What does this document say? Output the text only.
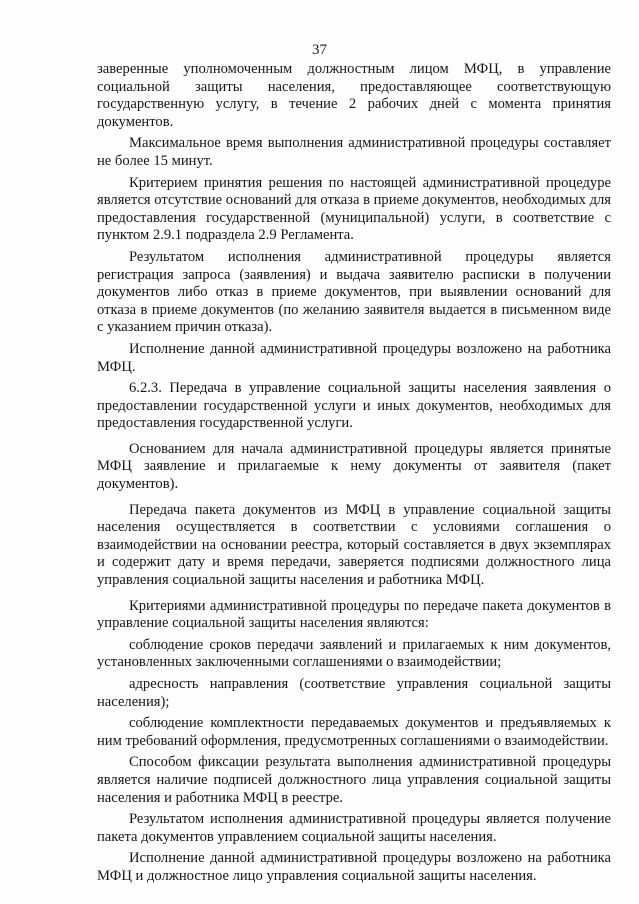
37

заверенные уполномоченным должностным лицом МФЦ, в управление социальной защиты населения, предоставляющее соответствующую государственную услугу, в течение 2 рабочих дней с момента принятия документов.

Максимальное время выполнения административной процедуры составляет не более 15 минут.

Критерием принятия решения по настоящей административной процедуре является отсутствие оснований для отказа в приеме документов, необходимых для предоставления государственной (муниципальной) услуги, в соответствие с пунктом 2.9.1 подраздела 2.9 Регламента.

Результатом исполнения административной процедуры является регистрация запроса (заявления) и выдача заявителю расписки в получении документов либо отказ в приеме документов, при выявлении оснований для отказа в приеме документов (по желанию заявителя выдается в письменном виде с указанием причин отказа).

Исполнение данной административной процедуры возложено на работника МФЦ.

6.2.3. Передача в управление социальной защиты населения заявления о предоставлении государственной услуги и иных документов, необходимых для предоставления государственной услуги.

Основанием для начала административной процедуры является принятые МФЦ заявление и прилагаемые к нему документы от заявителя (пакет документов).

Передача пакета документов из МФЦ в управление социальной защиты населения осуществляется в соответствии с условиями соглашения о взаимодействии на основании реестра, который составляется в двух экземплярах и содержит дату и время передачи, заверяется подписями должностного лица управления социальной защиты населения и работника МФЦ.

Критериями административной процедуры по передаче пакета документов в управление социальной защиты населения являются:

соблюдение сроков передачи заявлений и прилагаемых к ним документов, установленных заключенными соглашениями о взаимодействии;

адресность направления (соответствие управления социальной защиты населения);

соблюдение комплектности передаваемых документов и предъявляемых к ним требований оформления, предусмотренных соглашениями о взаимодействии.

Способом фиксации результата выполнения административной процедуры является наличие подписей должностного лица управления социальной защиты населения и работника МФЦ в реестре.

Результатом исполнения административной процедуры является получение пакета документов управлением социальной защиты населения.

Исполнение данной административной процедуры возложено на работника МФЦ и должностное лицо управления социальной защиты населения.
